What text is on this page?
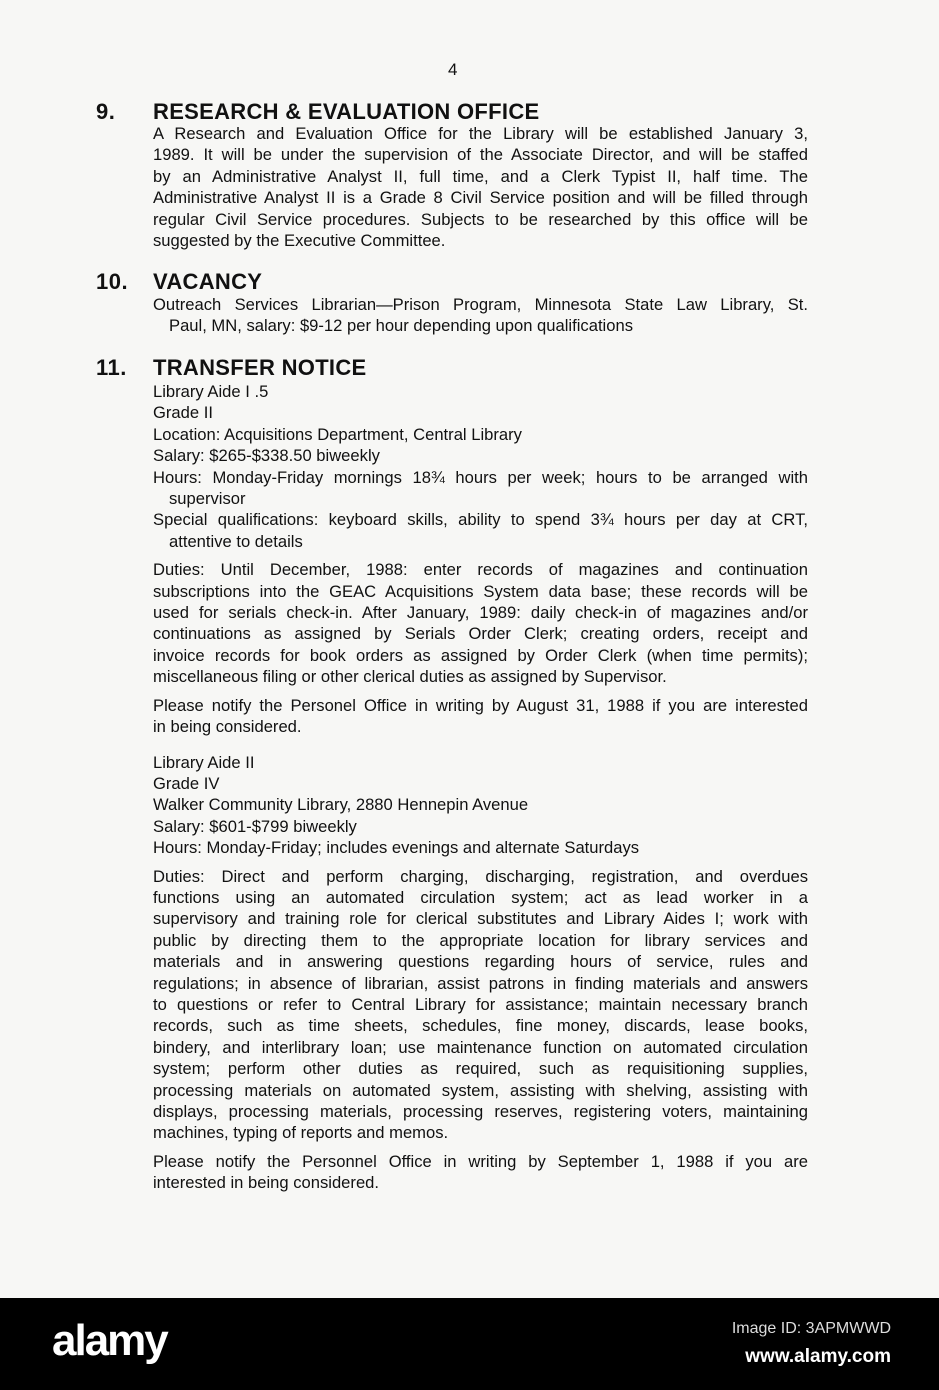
4
9. RESEARCH & EVALUATION OFFICE
A Research and Evaluation Office for the Library will be established January 3,
1989. It will be under the supervision of the Associate Director, and will be staffed
by an Administrative Analyst II, full time, and a Clerk Typist II, half time. The
Administrative Analyst II is a Grade 8 Civil Service position and will be filled through
regular Civil Service procedures. Subjects to be researched by this office will be
suggested by the Executive Committee.
10. VACANCY
Outreach Services Librarian—Prison Program, Minnesota State Law Library, St.
Paul, MN, salary: $9-12 per hour depending upon qualifications
11. TRANSFER NOTICE
Library Aide I .5
Grade II
Location: Acquisitions Department, Central Library
Salary: $265-$338.50 biweekly
Hours: Monday-Friday mornings 18¾ hours per week; hours to be arranged with
supervisor
Special qualifications: keyboard skills, ability to spend 3¾ hours per day at CRT,
attentive to details
Duties: Until December, 1988: enter records of magazines and continuation
subscriptions into the GEAC Acquisitions System data base; these records will be
used for serials check-in. After January, 1989: daily check-in of magazines and/or
continuations as assigned by Serials Order Clerk; creating orders, receipt and
invoice records for book orders as assigned by Order Clerk (when time permits);
miscellaneous filing or other clerical duties as assigned by Supervisor.
Please notify the Personel Office in writing by August 31, 1988 if you are interested
in being considered.
Library Aide II
Grade IV
Walker Community Library, 2880 Hennepin Avenue
Salary: $601-$799 biweekly
Hours: Monday-Friday; includes evenings and alternate Saturdays
Duties: Direct and perform charging, discharging, registration, and overdues
functions using an automated circulation system; act as lead worker in a
supervisory and training role for clerical substitutes and Library Aides I; work with
public by directing them to the appropriate location for library services and
materials and in answering questions regarding hours of service, rules and
regulations; in absence of librarian, assist patrons in finding materials and answers
to questions or refer to Central Library for assistance; maintain necessary branch
records, such as time sheets, schedules, fine money, discards, lease books,
bindery, and interlibrary loan; use maintenance function on automated circulation
system; perform other duties as required, such as requisitioning supplies,
processing materials on automated system, assisting with shelving, assisting with
displays, processing materials, processing reserves, registering voters, maintaining
machines, typing of reports and memos.
Please notify the Personnel Office in writing by September 1, 1988 if you are
interested in being considered.
alamy	Image ID: 3APMWWD
www.alamy.com
